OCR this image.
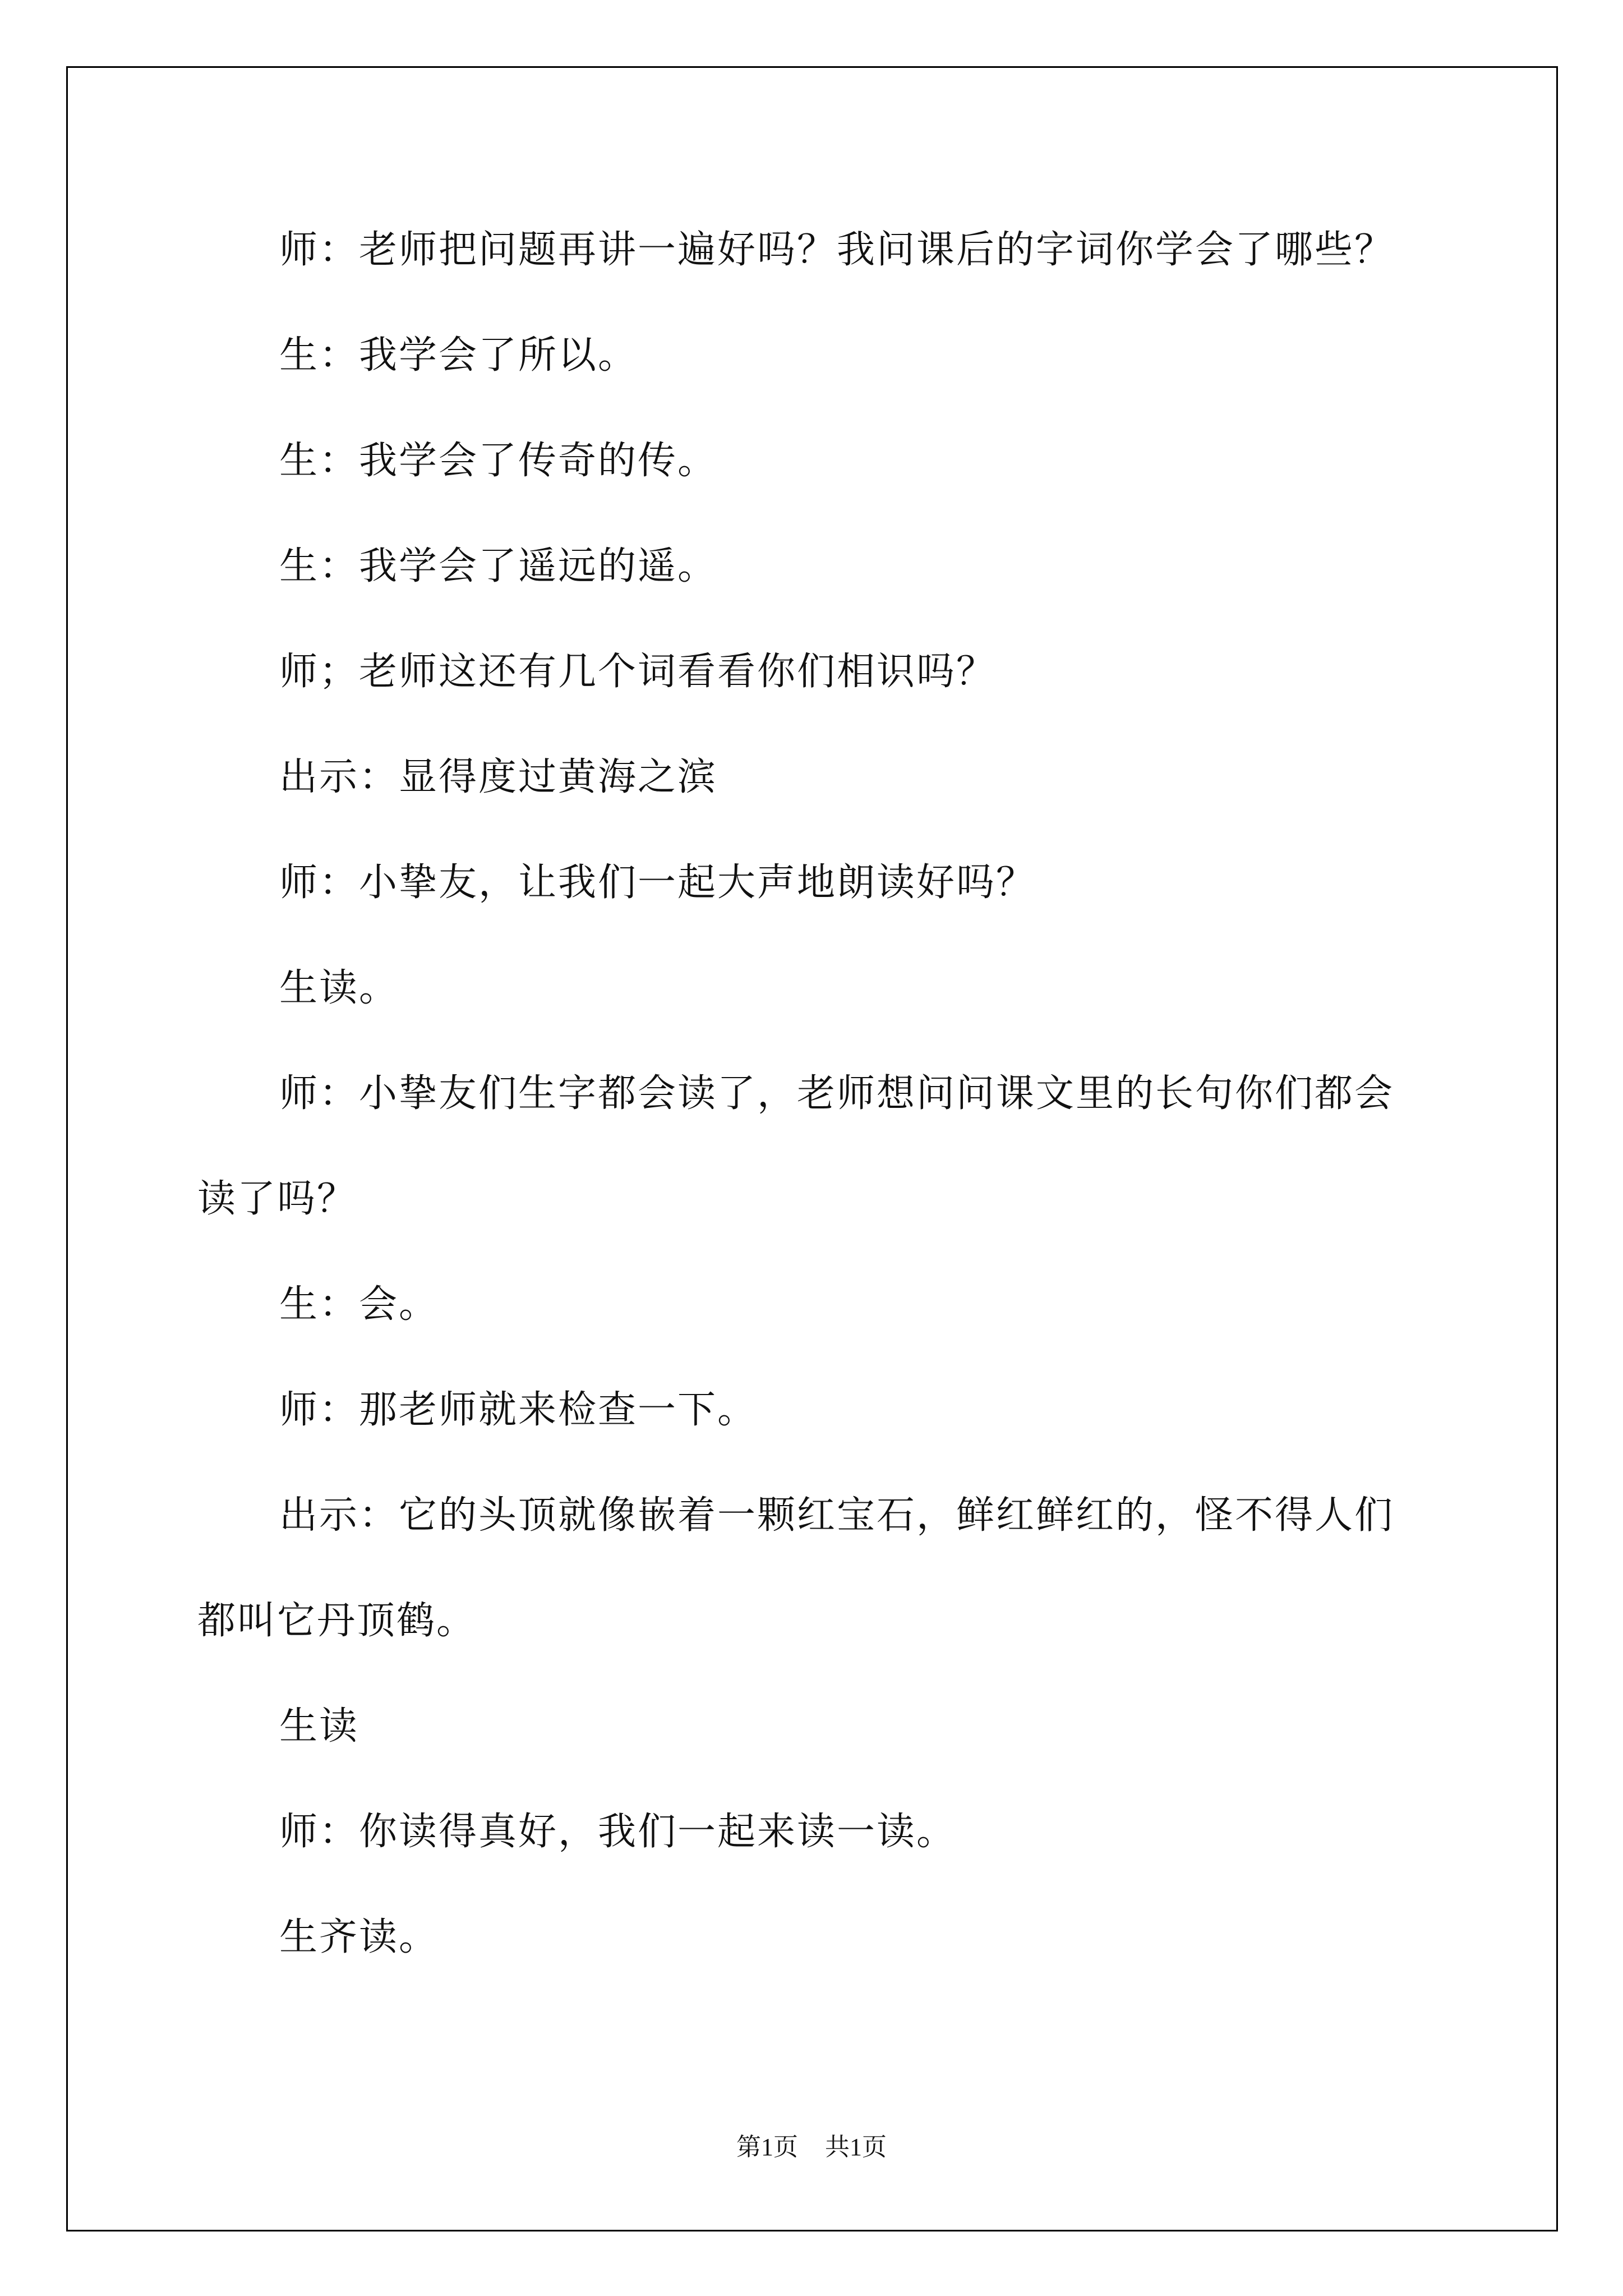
师：老师把问题再讲一遍好吗？我问课后的字词你学会了哪些？

生：我学会了所以。

生：我学会了传奇的传。

生：我学会了遥远的遥。

师；老师这还有几个词看看你们相识吗？

出示：显得度过黄海之滨

师：小挚友，让我们一起大声地朗读好吗？

生读。

师：小挚友们生字都会读了，老师想问问课文里的长句你们都会

读了吗？

生：会。

师：那老师就来检查一下。

出示：它的头顶就像嵌着一颗红宝石，鲜红鲜红的，怪不得人们

都叫它丹顶鹤。

生读

师：你读得真好，我们一起来读一读。

生齐读。

第1页 共1页
